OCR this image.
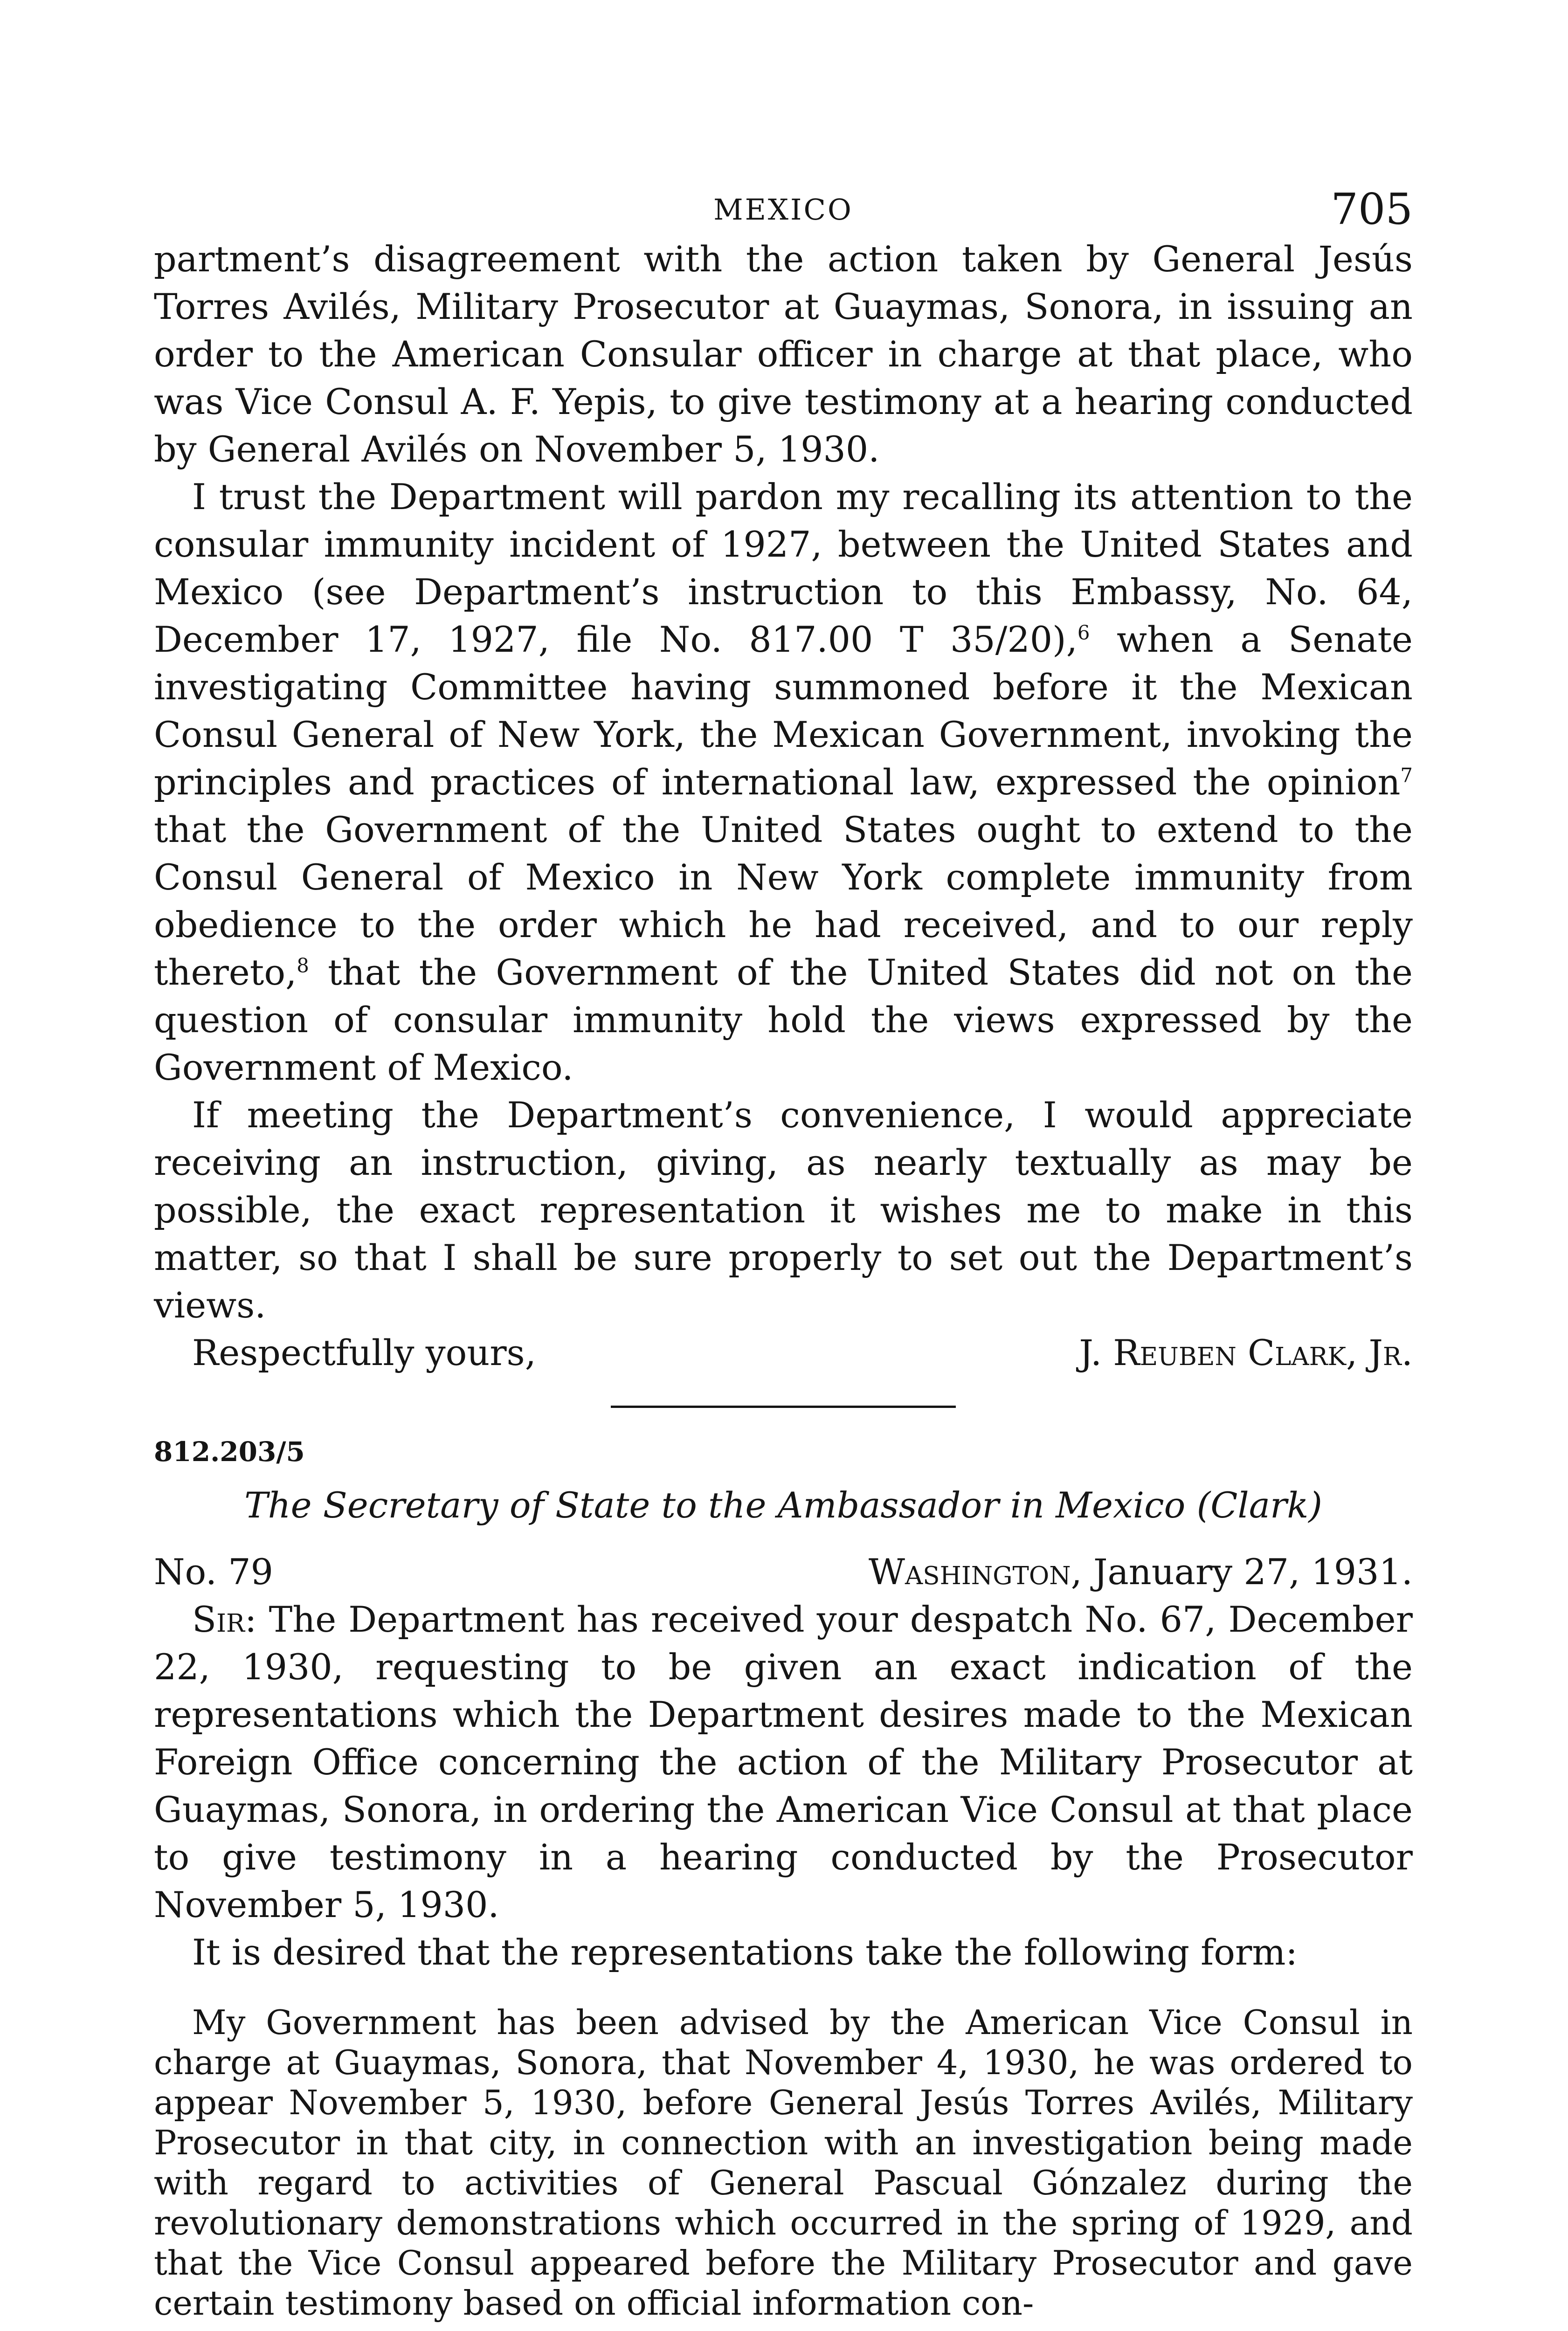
MEXICO	705

partment’s disagreement with the action taken by General Jesús Torres Avilés, Military Prosecutor at Guaymas, Sonora, in issuing an order to the American Consular officer in charge at that place, who was Vice Consul A. F. Yepis, to give testimony at a hearing conducted by General Avilés on November 5, 1930.

I trust the Department will pardon my recalling its attention to the consular immunity incident of 1927, between the United States and Mexico (see Department’s instruction to this Embassy, No. 64, December 17, 1927, file No. 817.00 T 35/20),$^6$ when a Senate investigating Committee having summoned before it the Mexican Consul General of New York, the Mexican Government, invoking the principles and practices of international law, expressed the opinion$^7$ that the Government of the United States ought to extend to the Consul General of Mexico in New York complete immunity from obedience to the order which he had received, and to our reply thereto,$^8$ that the Government of the United States did not on the question of consular immunity hold the views expressed by the Government of Mexico.

If meeting the Department’s convenience, I would appreciate receiving an instruction, giving, as nearly textually as may be possible, the exact representation it wishes me to make in this matter, so that I shall be sure properly to set out the Department’s views.

Respectfully yours,	J. Reuben Clark, Jr.
812.203/5
The Secretary of State to the Ambassador in Mexico (Clark)
No. 79	Washington, January 27, 1931.

Sir: The Department has received your despatch No. 67, December 22, 1930, requesting to be given an exact indication of the representations which the Department desires made to the Mexican Foreign Office concerning the action of the Military Prosecutor at Guaymas, Sonora, in ordering the American Vice Consul at that place to give testimony in a hearing conducted by the Prosecutor November 5, 1930.

It is desired that the representations take the following form:

My Government has been advised by the American Vice Consul in charge at Guaymas, Sonora, that November 4, 1930, he was ordered to appear November 5, 1930, before General Jesús Torres Avilés, Military Prosecutor in that city, in connection with an investigation being made with regard to activities of General Pascual Gónzalez during the revolutionary demonstrations which occurred in the spring of 1929, and that the Vice Consul appeared before the Military Prosecutor and gave certain testimony based on official information con-
